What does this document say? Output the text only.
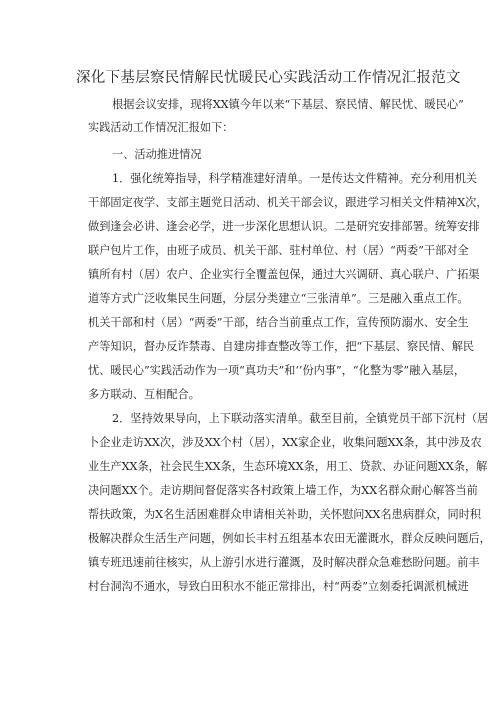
深化下基层察民情解民忧暖民心实践活动工作情况汇报范文
根据会议安排，现将XX镇今年以来“下基层、察民情、解民忧、暖民心”
实践活动工作情况汇报如下：
一、活动推进情况
1．强化统筹指导，科学精准建好清单。一是传达文件精神。充分利用机关
干部固定夜学、支部主题党日活动、机关干部会议，跟进学习相关文件精神X次，
做到逢会必讲、逢会必学，进一步深化思想认识。二是研究安排部署。统筹安排
联户包片工作，由班子成员、机关干部、驻村单位、村（居）“两委”干部对全
镇所有村（居）农户、企业实行全覆盖包保，通过大兴调研、真心联户、广拓渠
道等方式广泛收集民生问题，分层分类建立“三张清单”。三是融入重点工作。
机关干部和村（居）“两委”干部，结合当前重点工作，宣传预防溺水、安全生
产等知识，督办反诈禁毒、自建房排查整改等工作，把“下基层、察民情、解民
忧、暖民心”实践活动作为一项“真功夫”和‘’份内事”，“化整为零”融入基层，
多方联动、互相配合。
2．坚持效果导向，上下联动落实清单。截至目前，全镇党员干部下沉村（居
卜企业走访XX次，涉及XX个村（居），XX家企业，收集问题XX条，其中涉及农
业生产XX条，社会民生XX条，生态环境XX条，用工、贷款、办证问题XX条，解
决问题XX个。走访期间督促落实各村政策上墙工作，为XX名群众耐心解答当前
帮扶政策，为X名生活困难群众申请相关补助，关怀慰问XX名患病群众，同时积
极解决群众生活生产问题，例如长丰村五组基本农田无灌溉水，群众反映问题后，
镇专班迅速前往核实，从上游引水进行灌溉，及时解决群众急难愁盼问题。前丰
村台洞沟不通水，导致白田积水不能正常排出，村“两委”立刻委托调派机械进
